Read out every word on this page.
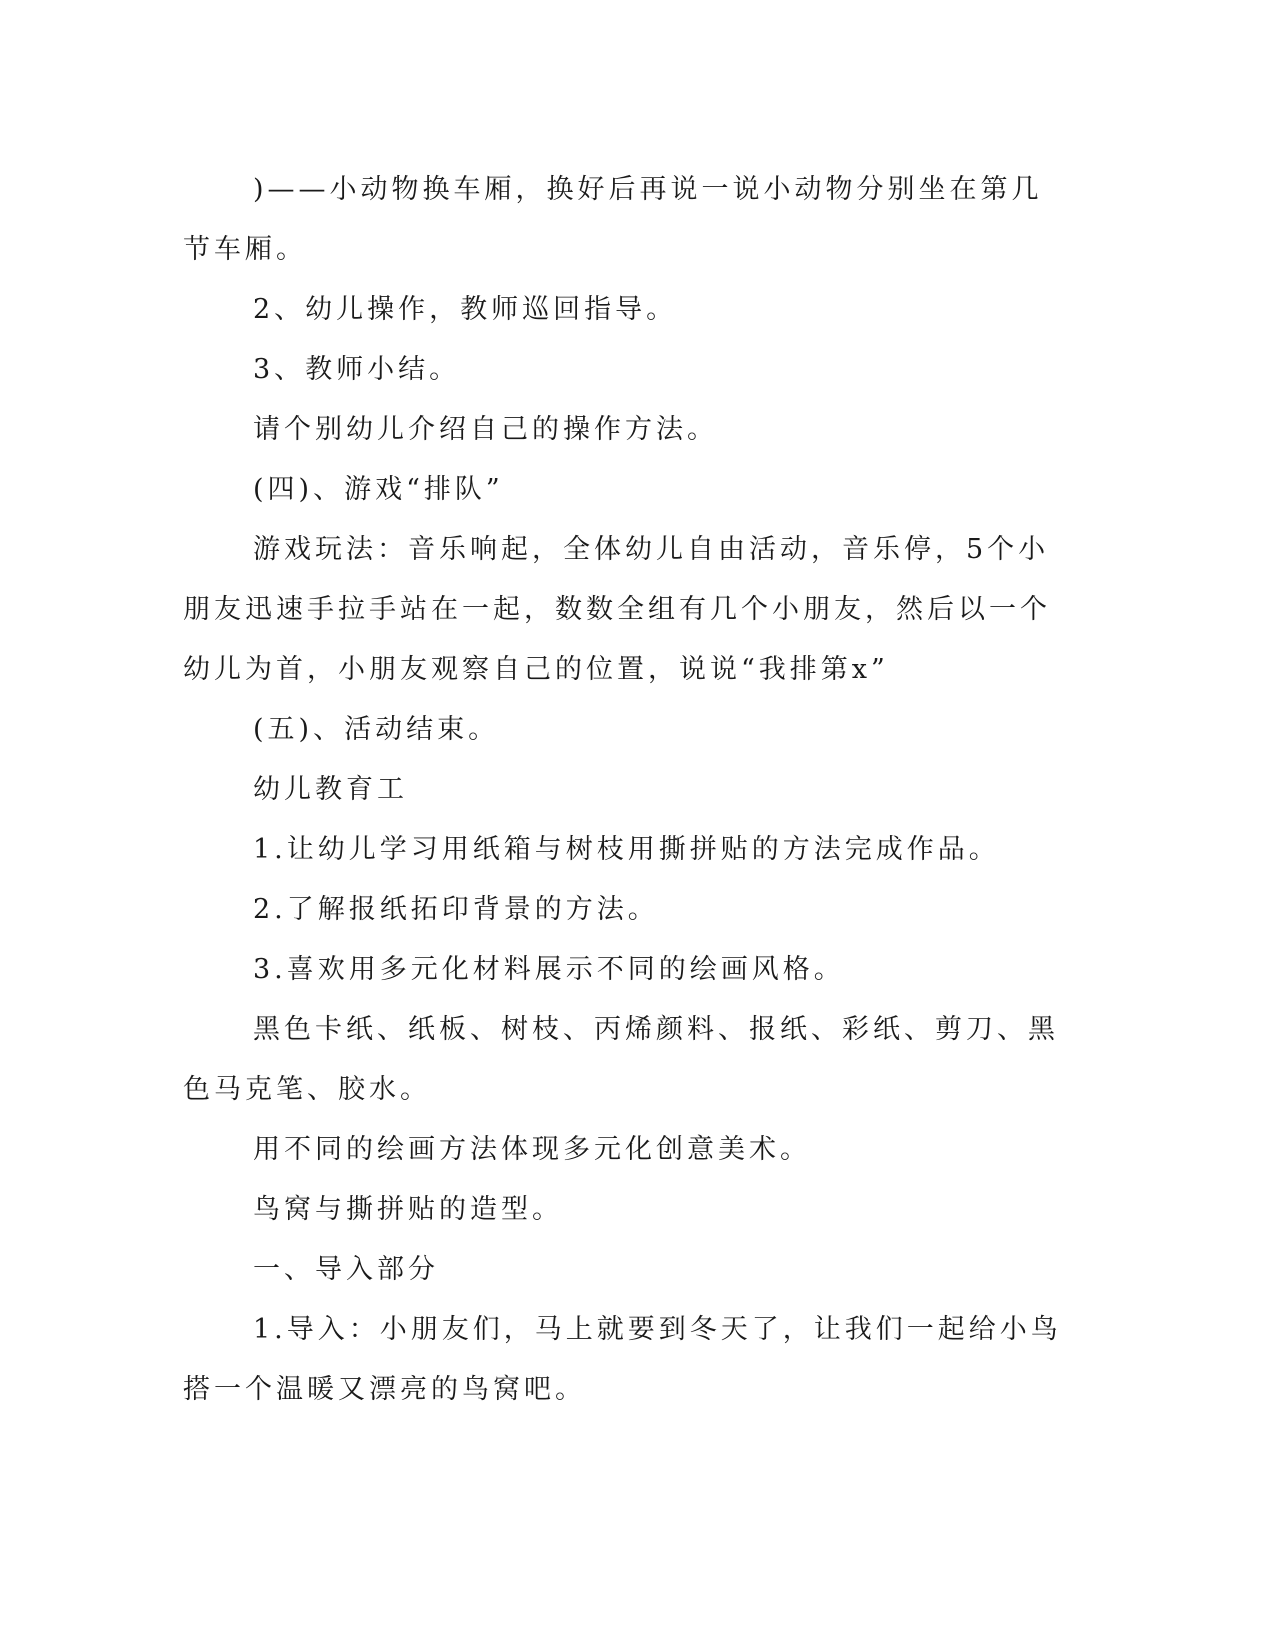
)——小动物换车厢，换好后再说一说小动物分别坐在第几节车厢。

2、幼儿操作，教师巡回指导。

3、教师小结。

请个别幼儿介绍自己的操作方法。

(四)、游戏“排队”

游戏玩法：音乐响起，全体幼儿自由活动，音乐停，5个小朋友迅速手拉手站在一起，数数全组有几个小朋友，然后以一个幼儿为首，小朋友观察自己的位置，说说“我排第x”

(五)、活动结束。

幼儿教育工

1.让幼儿学习用纸箱与树枝用撕拼贴的方法完成作品。

2.了解报纸拓印背景的方法。

3.喜欢用多元化材料展示不同的绘画风格。

黑色卡纸、纸板、树枝、丙烯颜料、报纸、彩纸、剪刀、黑色马克笔、胶水。

用不同的绘画方法体现多元化创意美术。

鸟窝与撕拼贴的造型。

一、导入部分

1.导入：小朋友们，马上就要到冬天了，让我们一起给小鸟搭一个温暖又漂亮的鸟窝吧。
